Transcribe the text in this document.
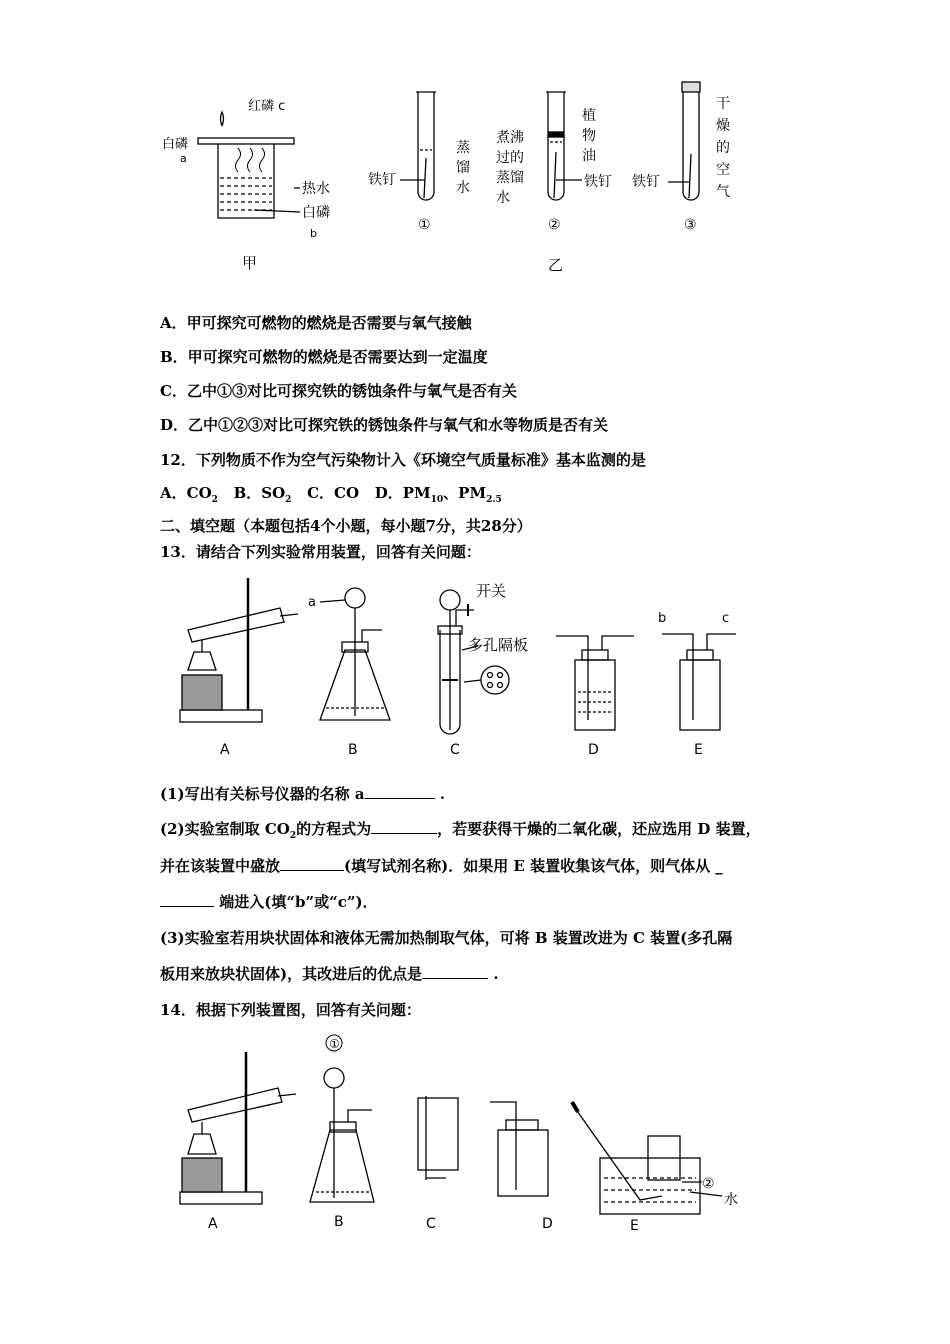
红磷 c
白磷
a
热水
白磷
b
蒸
馏
水
铁钉
①
煮沸
过的
蒸馏
水
植
物
油
铁钉
②
铁钉
干
燥
的
空
气
③
甲	乙
A．甲可探究可燃物的燃烧是否需要与氧气接触
B．甲可探究可燃物的燃烧是否需要达到一定温度
C．乙中①③对比可探究铁的锈蚀条件与氧气是否有关
D．乙中①②③对比可探究铁的锈蚀条件与氧气和水等物质是否有关
12．下列物质不作为空气污染物计入《环境空气质量标准》基本监测的是
A．$CO_2$ B．$SO_2$ C．CO D．$PM_{10}$、$PM_{2.5}$
二、填空题（本题包括4个小题，每小题7分，共28分）
13．请结合下列实验常用装置，回答有关问题：
a
开关
多孔隔板
b	c
A	B	C	D	E
(1)写出有关标号仪器的名称 a	.
(2)实验室制取 $CO_2$的方程式为	，若要获得干燥的二氧化碳，还应选用 D 装置，
并在该装置中盛放	(填写试剂名称)．如果用 E 装置收集该气体，则气体从 _
端进入(填“b”或“c”)．
(3)实验室若用块状固体和液体无需加热制取气体，可将 B 装置改进为 C 装置(多孔隔
板用来放块状固体)，其改进后的优点是	.
14．根据下列装置图，回答有关问题：
①
②
水
A	B	C	D	E
